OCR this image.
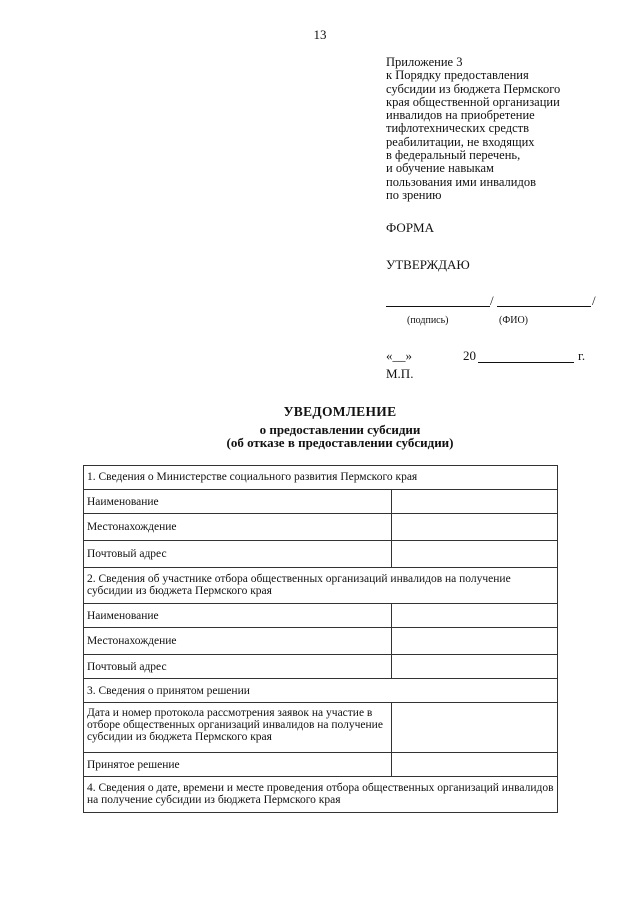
13
Приложение 3
к Порядку предоставления
субсидии из бюджета Пермского
края общественной организации
инвалидов на приобретение
тифлотехнических средств
реабилитации, не входящих
в федеральный перечень,
и обучение навыкам
пользования ими инвалидов
по зрению
ФОРМА
УТВЕРЖДАЮ
/	/
(подпись)	(ФИО)
«__»	20	г.
М.П.
УВЕДОМЛЕНИЕ
о предоставлении субсидии
(об отказе в предоставлении субсидии)
1. Сведения о Министерстве социального развития Пермского края	
Наименование	
Местонахождение	
Почтовый адрес	
2. Сведения об участнике отбора общественных организаций инвалидов на получение субсидии из бюджета Пермского края	
Наименование	
Местонахождение	
Почтовый адрес	
3. Сведения о принятом решении	
Дата и номер протокола рассмотрения заявок на участие в отборе общественных организаций инвалидов на получение субсидии из бюджета Пермского края	
Принятое решение	
4. Сведения о дате, времени и месте проведения отбора общественных организаций инвалидов на получение субсидии из бюджета Пермского края	
